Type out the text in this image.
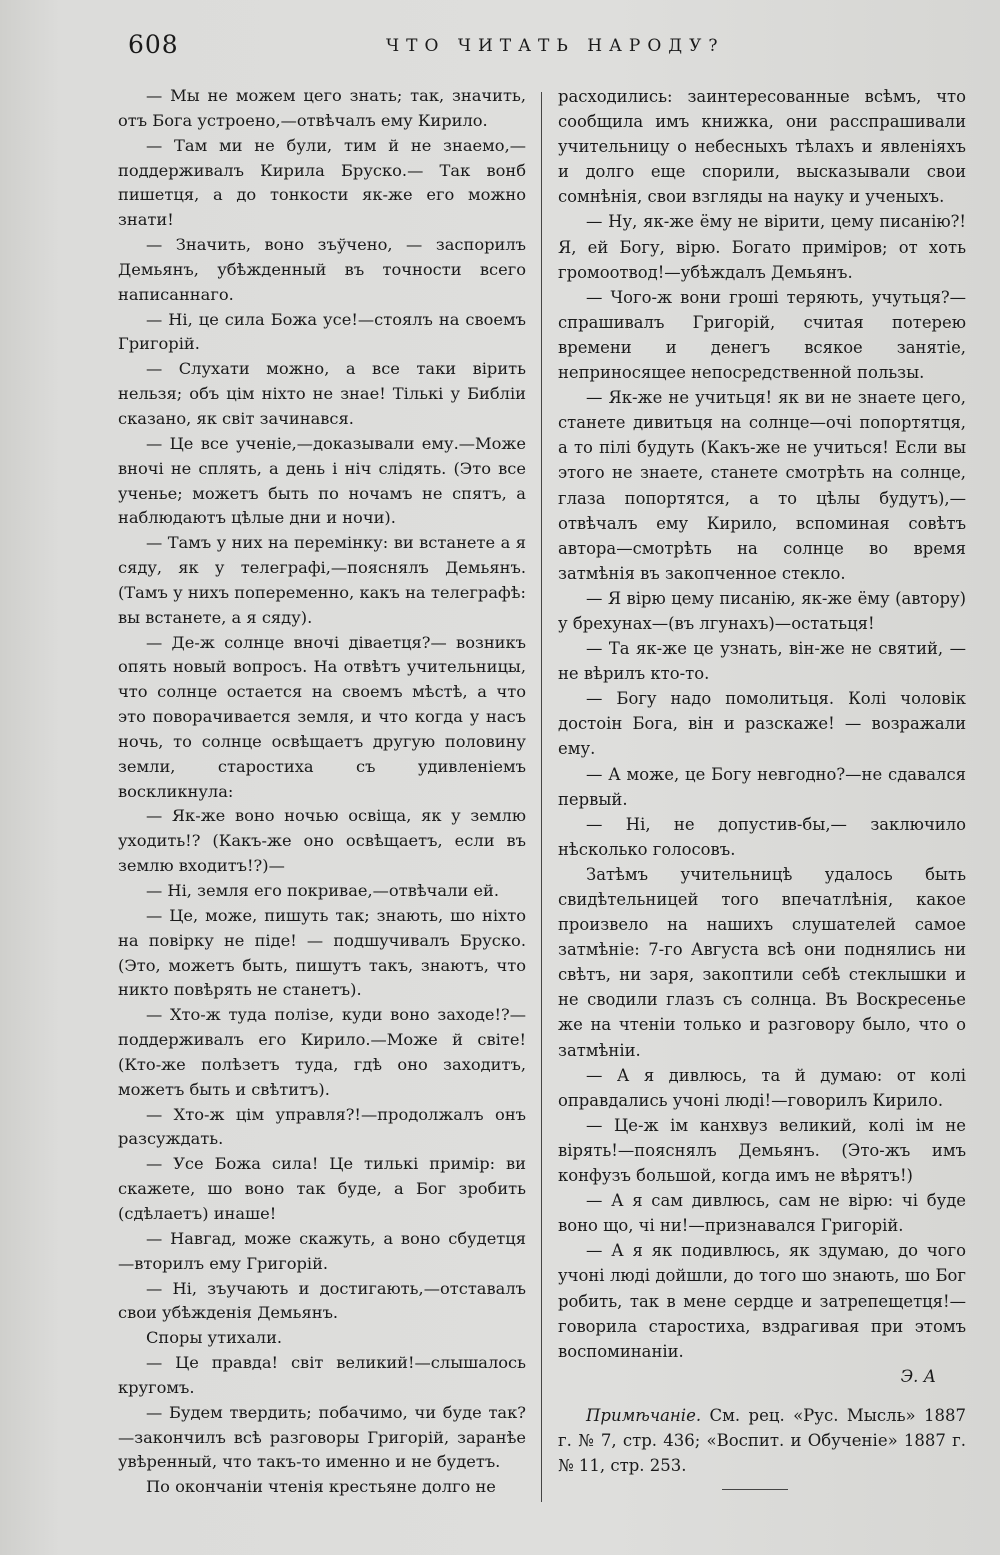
608	ЧТО ЧИТАТЬ НАРОДУ?

— Мы не можем цего знать; так, значить, отъ Бога устроено,—отвѣчалъ ему Кирило.

— Там ми не були, тим й не знаемо,—поддерживалъ Кирила Бруско.— Так вонб пишетця, а до тонкости як-же его можно знати!

— Значить, воно зъўчено, — заспорилъ Демьянъ, убѣжденный въ точности всего написаннаго.

— Ні, це сила Божа усе!—стоялъ на своемъ Григорій.

— Слухати можно, а все таки вірить нельзя; объ цім ніхто не знае! Тількі у Библіи сказано, як світ зачинався.

— Це все ученіе,—доказывали ему.—Може вночі не сплять, а день і ніч слідять. (Это все ученье; можетъ быть по ночамъ не спятъ, а наблюдаютъ цѣлые дни и ночи).

— Тамъ у них на перемінку: ви встанете а я сяду, як у телеграфі,—пояснялъ Демьянъ. (Тамъ у нихъ попеременно, какъ на телеграфѣ: вы встанете, а я сяду).

— Де-ж солнце вночі діваетця?— возникъ опять новый вопросъ. На отвѣтъ учительницы, что солнце остается на своемъ мѣстѣ, а что это поворачивается земля, и что когда у насъ ночь, то солнце освѣщаетъ другую половину земли, старостиха съ удивленіемъ воскликнула:

— Як-же воно ночью освіща, як у землю уходить!? (Какъ-же оно освѣщаетъ, если въ землю входитъ!?)—

— Ні, земля его покривае,—отвѣчали ей.

— Це, може, пишуть так; знають, шо ніхто на повірку не піде! — подшучивалъ Бруско. (Это, можетъ быть, пишутъ такъ, знаютъ, что никто повѣрять не станетъ).

— Хто-ж туда полізе, куди воно заходе!?— поддерживалъ его Кирило.—Може й світе! (Кто-же полѣзетъ туда, гдѣ оно заходитъ, можетъ быть и свѣтитъ).

— Хто-ж цім управля?!—продолжалъ онъ разсуждать.

— Усе Божа сила! Це тилькі примір: ви скажете, шо воно так буде, а Бог зробить (сдѣлаетъ) инаше!

— Навгад, може скажуть, а воно сбудетця—вторилъ ему Григорій.

— Ні, зъучають и достигають,—отставалъ свои убѣжденія Демьянъ.

Споры утихали.

— Це правда! світ великий!—слышалось кругомъ.

— Будем твердить; побачимо, чи буде так?—закончилъ всѣ разговоры Григорій, заранѣе увѣренный, что такъ-то именно и не будетъ.

По окончаніи чтенія крестьяне долго не

расходились: заинтересованные всѣмъ, что сообщила имъ книжка, они расспрашивали учительницу о небесныхъ тѣлахъ и явленіяхъ и долго еще спорили, высказывали свои сомнѣнія, свои взгляды на науку и ученыхъ.

— Ну, як-же ёму не вірити, цему писанію?! Я, ей Богу, вірю. Богато примірoв; от хоть громоотвод!—убѣждалъ Демьянъ.

— Чого-ж вони гроші теряють, учутьця?— спрашивалъ Григорій, считая потерею времени и денегъ всякое занятіе, неприносящее непосредственной пользы.

— Як-же не учитьця! як ви не знаете цего, станете дивитьця на солнце—очі попортятця, а то пілі будуть (Какъ-же не учиться! Если вы этого не знаете, станете смотрѣть на солнце, глаза попортятся, а то цѣлы будутъ),— отвѣчалъ ему Кирило, вспоминая совѣтъ автора—смотрѣть на солнце во время затмѣнія въ закопченное стекло.

— Я вірю цему писанію, як-же ёму (автору) у брехунах—(въ лгунахъ)—остатьця!

— Та як-же це узнать, він-же не святий, —не вѣрилъ кто-то.

— Богу надо помолитьця. Колі чоловік достоін Бога, він и разскаже! — возражали ему.

— А може, це Богу невгодно?—не сдавался первый.

— Ні, не допустив-бы,— заключило нѣсколько голосовъ.

Затѣмъ учительницѣ удалось быть свидѣтельницей того впечатлѣнія, какое произвело на нашихъ слушателей самое затмѣніе: 7-го Августа всѣ они поднялись ни свѣтъ, ни заря, закоптили себѣ стеклышки и не сводили глазъ съ солнца. Въ Воскресенье же на чтеніи только и разговору было, что о затмѣніи.

— А я дивлюсь, та й думаю: от колі оправдались учоні люді!—говорилъ Кирило.

— Це-ж ім канхвуз великий, колі ім не вірять!—пояснялъ Демьянъ. (Это-жъ имъ конфузъ большой, когда имъ не вѣрятъ!)

— А я сам дивлюсь, сам не вірю: чі буде воно що, чі ни!—признавался Григорій.

— А я як подивлюсь, як здумаю, до чого учоні люді дойшли, до того шо знають, шо Бог робить, так в мене сердце и затрепещетця!—говорила старостиха, вздрагивая при этомъ воспоминаніи.

Э. А

Примѣчаніе. См. рец. «Рус. Мысль» 1887 г. № 7, стр. 436; «Воспит. и Обученіе» 1887 г. № 11, стр. 253.
